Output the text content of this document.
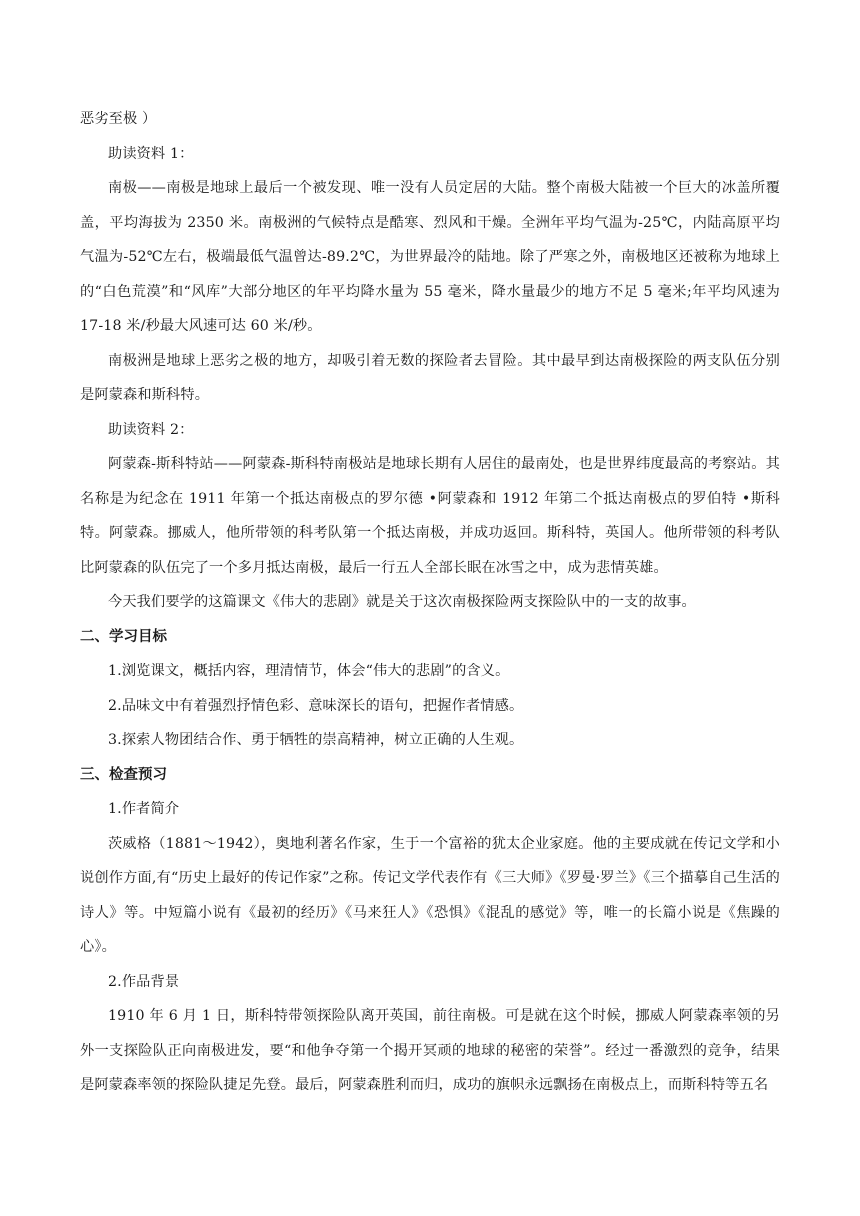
恶劣至极 ）

助读资料 1：

南极——南极是地球上最后一个被发现、唯一没有人员定居的大陆。整个南极大陆被一个巨大的冰盖所覆盖，平均海拔为 2350 米。南极洲的气候特点是酷寒、烈风和干燥。全洲年平均气温为-25℃，内陆高原平均气温为-52℃左右，极端最低气温曾达-89.2℃，为世界最冷的陆地。除了严寒之外，南极地区还被称为地球上的“白色荒漠”和“风库”大部分地区的年平均降水量为 55 毫米，降水量最少的地方不足 5 毫米;年平均风速为 17-18 米/秒最大风速可达 60 米/秒。

南极洲是地球上恶劣之极的地方，却吸引着无数的探险者去冒险。其中最早到达南极探险的两支队伍分别是阿蒙森和斯科特。

助读资料 2：

阿蒙森-斯科特站——阿蒙森-斯科特南极站是地球长期有人居住的最南处，也是世界纬度最高的考察站。其名称是为纪念在 1911 年第一个抵达南极点的罗尔德 •阿蒙森和 1912 年第二个抵达南极点的罗伯特 •斯科特。阿蒙森。挪威人，他所带领的科考队第一个抵达南极，并成功返回。斯科特，英国人。他所带领的科考队比阿蒙森的队伍完了一个多月抵达南极，最后一行五人全部长眠在冰雪之中，成为悲情英雄。

今天我们要学的这篇课文《伟大的悲剧》就是关于这次南极探险两支探险队中的一支的故事。

二、学习目标

1.浏览课文，概括内容，理清情节，体会“伟大的悲剧”的含义。

2.品味文中有着强烈抒情色彩、意味深长的语句，把握作者情感。

3.探索人物团结合作、勇于牺牲的崇高精神，树立正确的人生观。

三、检查预习

1.作者简介

茨威格（1881～1942），奥地利著名作家，生于一个富裕的犹太企业家庭。他的主要成就在传记文学和小说创作方面,有“历史上最好的传记作家”之称。传记文学代表作有《三大师》《罗曼·罗兰》《三个描摹自己生活的诗人》等。中短篇小说有《最初的经历》《马来狂人》《恐惧》《混乱的感觉》等，唯一的长篇小说是《焦躁的心》。

2.作品背景

1910 年 6 月 1 日，斯科特带领探险队离开英国，前往南极。可是就在这个时候，挪威人阿蒙森率领的另外一支探险队正向南极进发，要“和他争夺第一个揭开冥顽的地球的秘密的荣誉”。经过一番激烈的竞争，结果是阿蒙森率领的探险队捷足先登。最后，阿蒙森胜利而归，成功的旗帜永远飘扬在南极点上，而斯科特等五名
